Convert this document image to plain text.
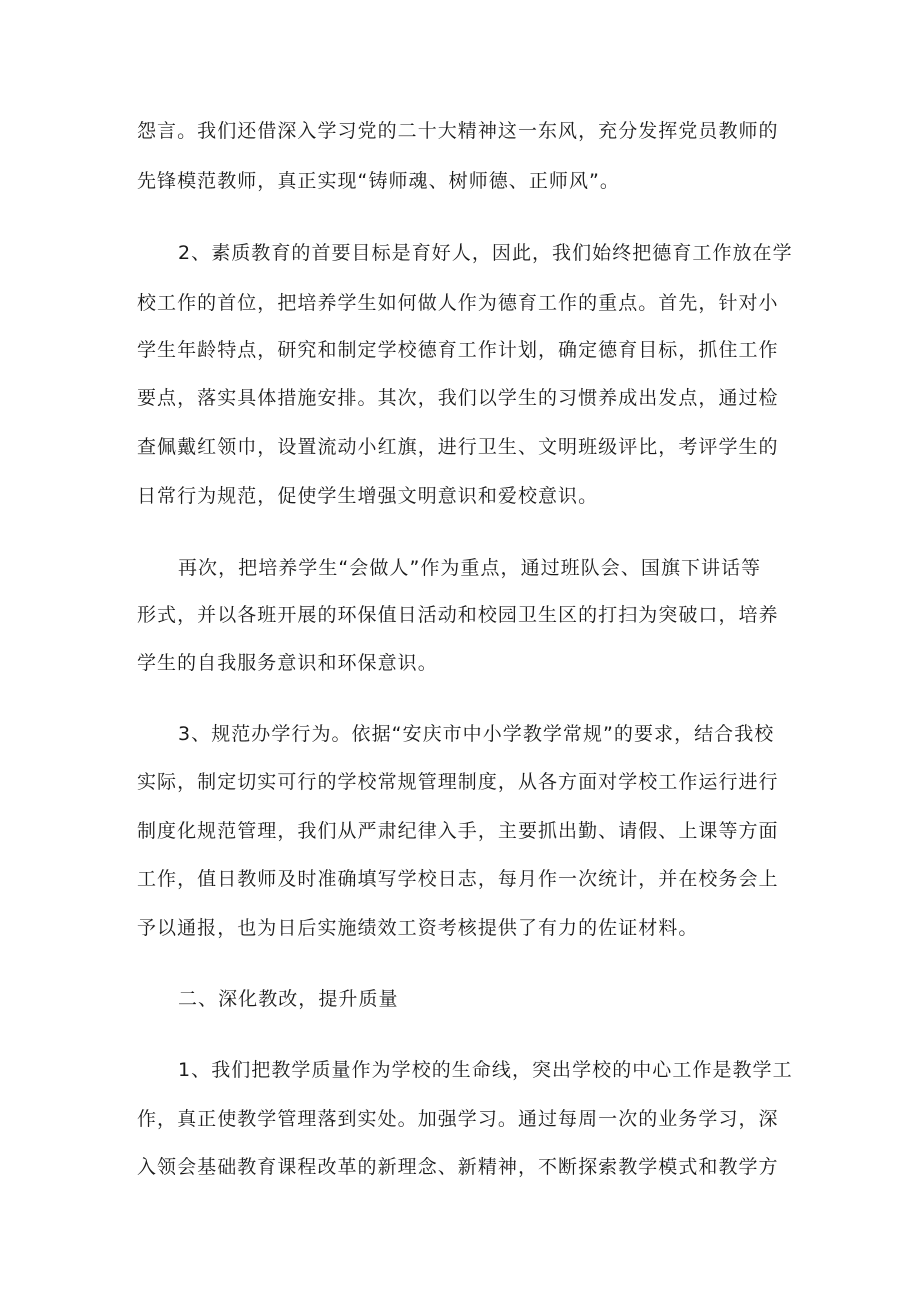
怨言。我们还借深入学习党的二十大精神这一东风，充分发挥党员教师的
先锋模范教师，真正实现“铸师魂、树师德、正师风”。
2、素质教育的首要目标是育好人，因此，我们始终把德育工作放在学
校工作的首位，把培养学生如何做人作为德育工作的重点。首先，针对小
学生年龄特点，研究和制定学校德育工作计划，确定德育目标，抓住工作
要点，落实具体措施安排。其次，我们以学生的习惯养成出发点，通过检
查佩戴红领巾，设置流动小红旗，进行卫生、文明班级评比，考评学生的
日常行为规范，促使学生增强文明意识和爱校意识。
再次，把培养学生“会做人”作为重点，通过班队会、国旗下讲话等
形式，并以各班开展的环保值日活动和校园卫生区的打扫为突破口，培养
学生的自我服务意识和环保意识。
3、规范办学行为。依据“安庆市中小学教学常规”的要求，结合我校
实际，制定切实可行的学校常规管理制度，从各方面对学校工作运行进行
制度化规范管理，我们从严肃纪律入手，主要抓出勤、请假、上课等方面
工作，值日教师及时准确填写学校日志，每月作一次统计，并在校务会上
予以通报，也为日后实施绩效工资考核提供了有力的佐证材料。
二、深化教改，提升质量
1、我们把教学质量作为学校的生命线，突出学校的中心工作是教学工
作，真正使教学管理落到实处。加强学习。通过每周一次的业务学习，深
入领会基础教育课程改革的新理念、新精神，不断探索教学模式和教学方
